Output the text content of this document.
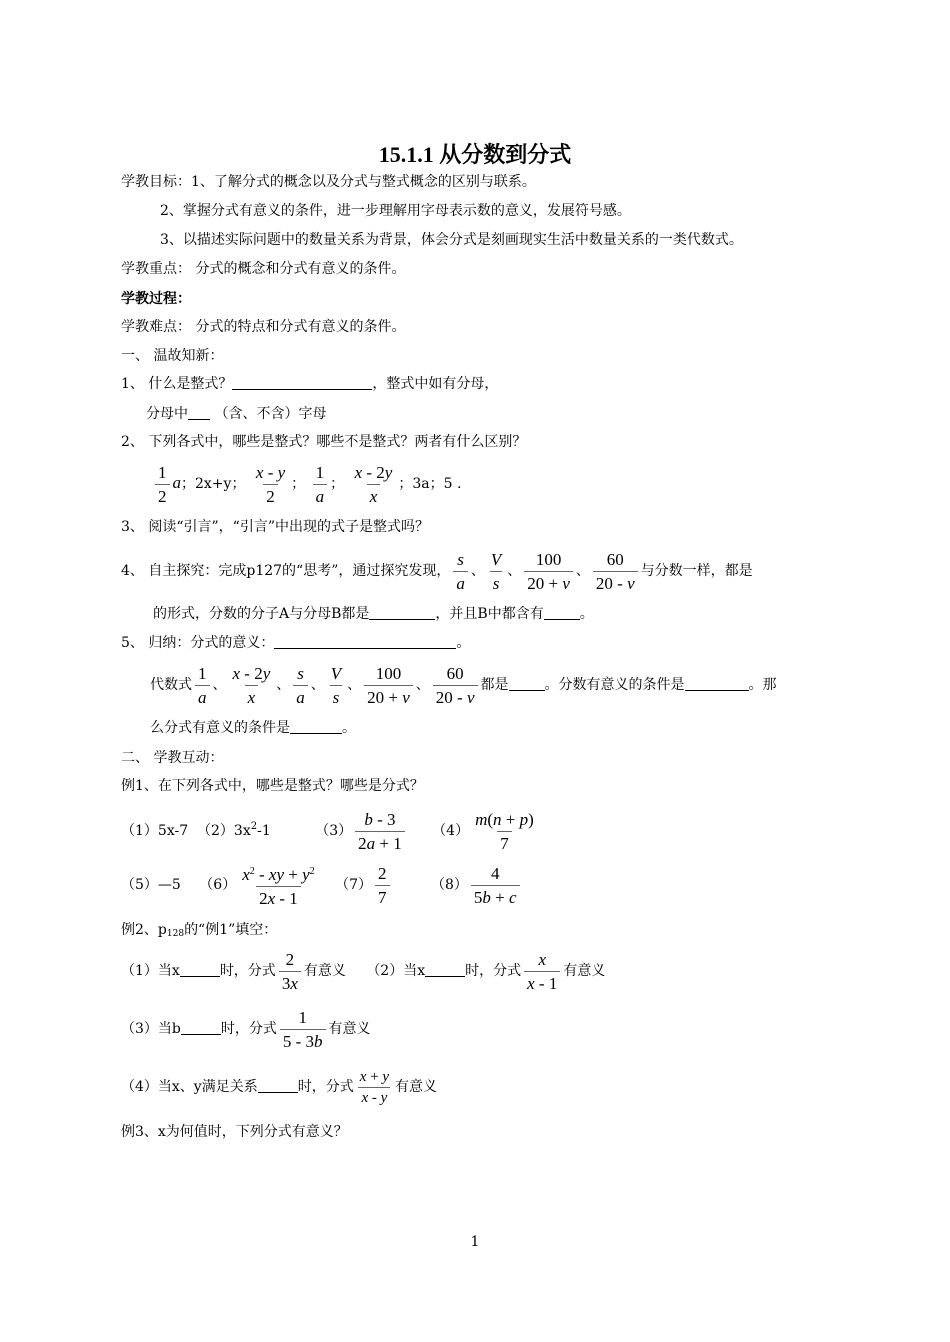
15.1.1 从分数到分式
学教目标：1、了解分式的概念以及分式与整式概念的区别与联系。
2、掌握分式有意义的条件，进一步理解用字母表示数的意义，发展符号感。
3、以描述实际问题中的数量关系为背景，体会分式是刻画现实生活中数量关系的一类代数式。
学教重点： 分式的概念和分式有意义的条件。
学教过程：
学教难点： 分式的特点和分式有意义的条件。
一、 温故知新：
1、 什么是整式？	，整式中如有分母，
分母中 （含、不含）字母
2、 下列各式中，哪些是整式？哪些不是整式？两者有什么区别？
$\frac{1}{2}$ a；2x+y； $\frac{x - y}{2}$ ； $\frac{1}{a}$ ； $\frac{x - 2y}{x}$ ；3a；5 .
3、 阅读“引言”，“引言”中出现的式子是整式吗？
4、 自主探究：完成p127的“思考”，通过探究发现， $\frac{s}{a}$ 、 $\frac{V}{s}$ 、 $\frac{100}{20 + v}$ 、 $\frac{60}{20 - v}$ 与分数一样，都是
的形式，分数的分子A与分母B都是	，并且B中都含有	。
5、 归纳：分式的意义：	。
代数式 $\frac{1}{a}$ 、 $\frac{x - 2y}{x}$ 、 $\frac{s}{a}$ 、 $\frac{V}{s}$ 、 $\frac{100}{20 + v}$ 、 $\frac{60}{20 - v}$ 都是	。分数有意义的条件是	。那
么分式有意义的条件是	。
二、 学教互动：
例1、在下列各式中，哪些是整式？哪些是分式？
（1）5x-7 $(2)3x^2-1$	$(3) \frac{b - 3}{2a + 1} (4) \frac{m(n + p)}{7}$
（5）—5 $(6) \frac{x^2 - xy + y^2}{2x - 1} (7) \frac{2}{7}$	$(8) \frac{4}{5b + c}$
例2、$p_{128}$的“例1”填空：
（1）当x	时，分式 $\frac{2}{3x}$ 有意义 （2）当x	时，分式 $\frac{x}{x - 1}$ 有意义
（3）当b	时，分式 $\frac{1}{5 - 3b}$ 有意义
（4）当x、y满足关系	时，分式 $\frac{x + y}{x - y}$ 有意义
例3、x为何值时，下列分式有意义？
1
